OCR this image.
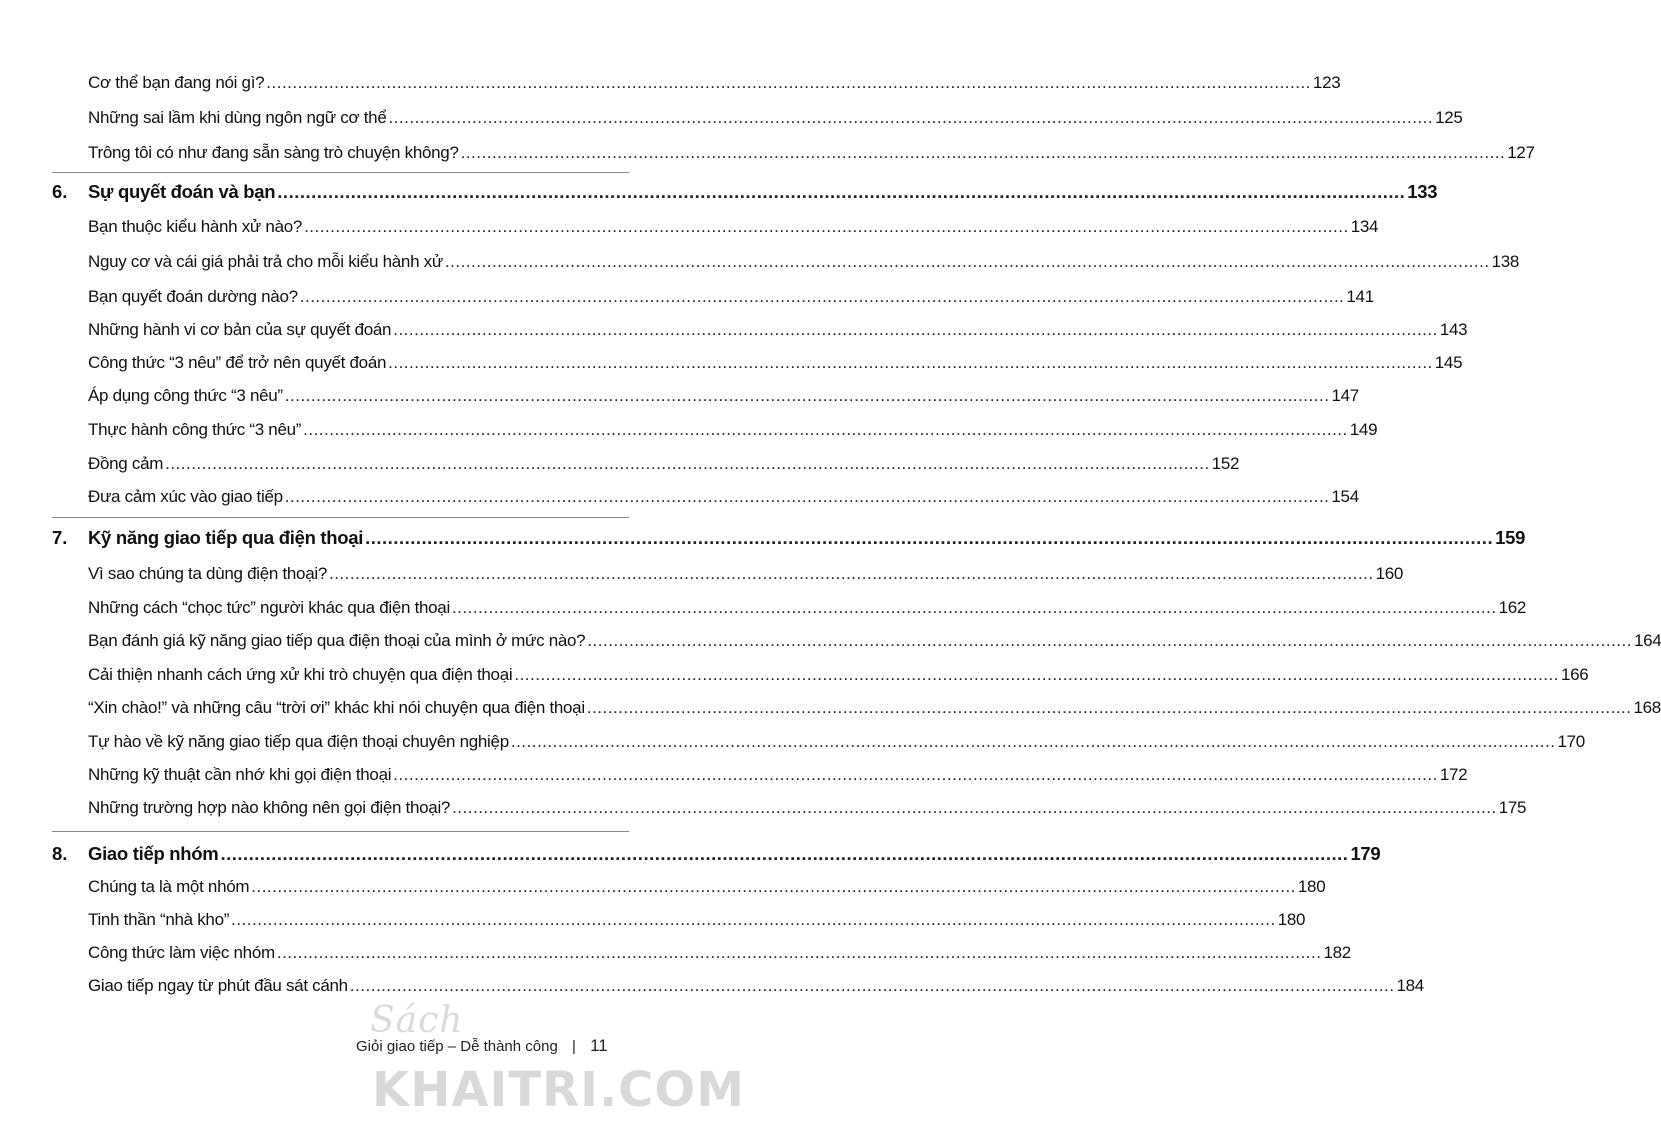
Cơ thể bạn đang nói gì? .....	123
Những sai lầm khi dùng ngôn ngữ cơ thể .....	125
Trông tôi có như đang sẵn sàng trò chuyện không? .....	127
6. Sự quyết đoán và bạn .....	133
Bạn thuộc kiểu hành xử nào? .....	134
Nguy cơ và cái giá phải trả cho mỗi kiểu hành xử .....	138
Bạn quyết đoán dường nào? .....	141
Những hành vi cơ bản của sự quyết đoán .....	143
Công thức “3 nêu” để trở nên quyết đoán .....	145
Áp dụng công thức “3 nêu” .....	147
Thực hành công thức “3 nêu” .....	149
Đồng cảm .....	152
Đưa cảm xúc vào giao tiếp .....	154
7. Kỹ năng giao tiếp qua điện thoại .....	159
Vì sao chúng ta dùng điện thoại? .....	160
Những cách “chọc tức” người khác qua điện thoại .....	162
Bạn đánh giá kỹ năng giao tiếp qua điện thoại của mình ở mức nào? .....	164
Cải thiện nhanh cách ứng xử khi trò chuyện qua điện thoại .....	166
“Xin chào!” và những câu “trời ơi” khác khi nói chuyện qua điện thoại .....	168
Tự hào về kỹ năng giao tiếp qua điện thoại chuyên nghiệp .....	170
Những kỹ thuật cần nhớ khi gọi điện thoại .....	172
Những trường hợp nào không nên gọi điện thoại? .....	175
8. Giao tiếp nhóm .....	179
Chúng ta là một nhóm .....	180
Tinh thần “nhà kho” .....	180
Công thức làm việc nhóm .....	182
Giao tiếp ngay từ phút đầu sát cánh .....	184
Sách
Giỏi giao tiếp – Dễ thành công | 11
KHAITRI.COM
